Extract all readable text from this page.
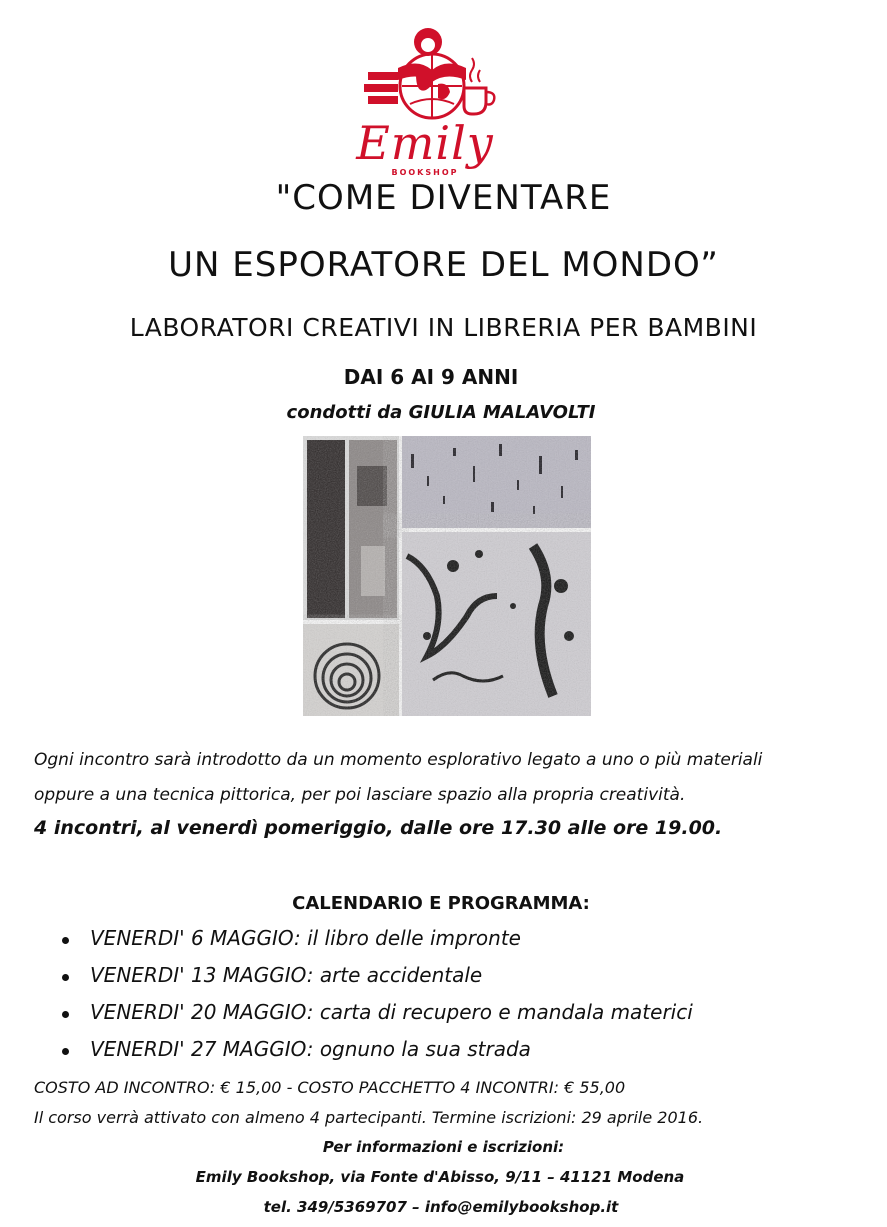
Emily
BOOKSHOP
"COME DIVENTARE
UN ESPORATORE DEL MONDO”
LABORATORI CREATIVI IN LIBRERIA PER BAMBINI
DAI 6 AI 9 ANNI
condotti da GIULIA MALAVOLTI
Ogni incontro sarà introdotto da un momento esplorativo legato a uno o più materiali
oppure a una tecnica pittorica, per poi lasciare spazio alla propria creatività.
4 incontri, al venerdì pomeriggio, dalle ore 17.30 alle ore 19.00.
CALENDARIO E PROGRAMMA:
VENERDI' 6 MAGGIO: il libro delle impronte
VENERDI' 13 MAGGIO: arte accidentale
VENERDI' 20 MAGGIO: carta di recupero e mandala materici
VENERDI' 27 MAGGIO: ognuno la sua strada
COSTO AD INCONTRO: € 15,00 - COSTO PACCHETTO 4 INCONTRI: € 55,00
Il corso verrà attivato con almeno 4 partecipanti. Termine iscrizioni: 29 aprile 2016.
Per informazioni e iscrizioni:
Emily Bookshop, via Fonte d'Abisso, 9/11 – 41121 Modena
tel. 349/5369707 – info@emilybookshop.it
